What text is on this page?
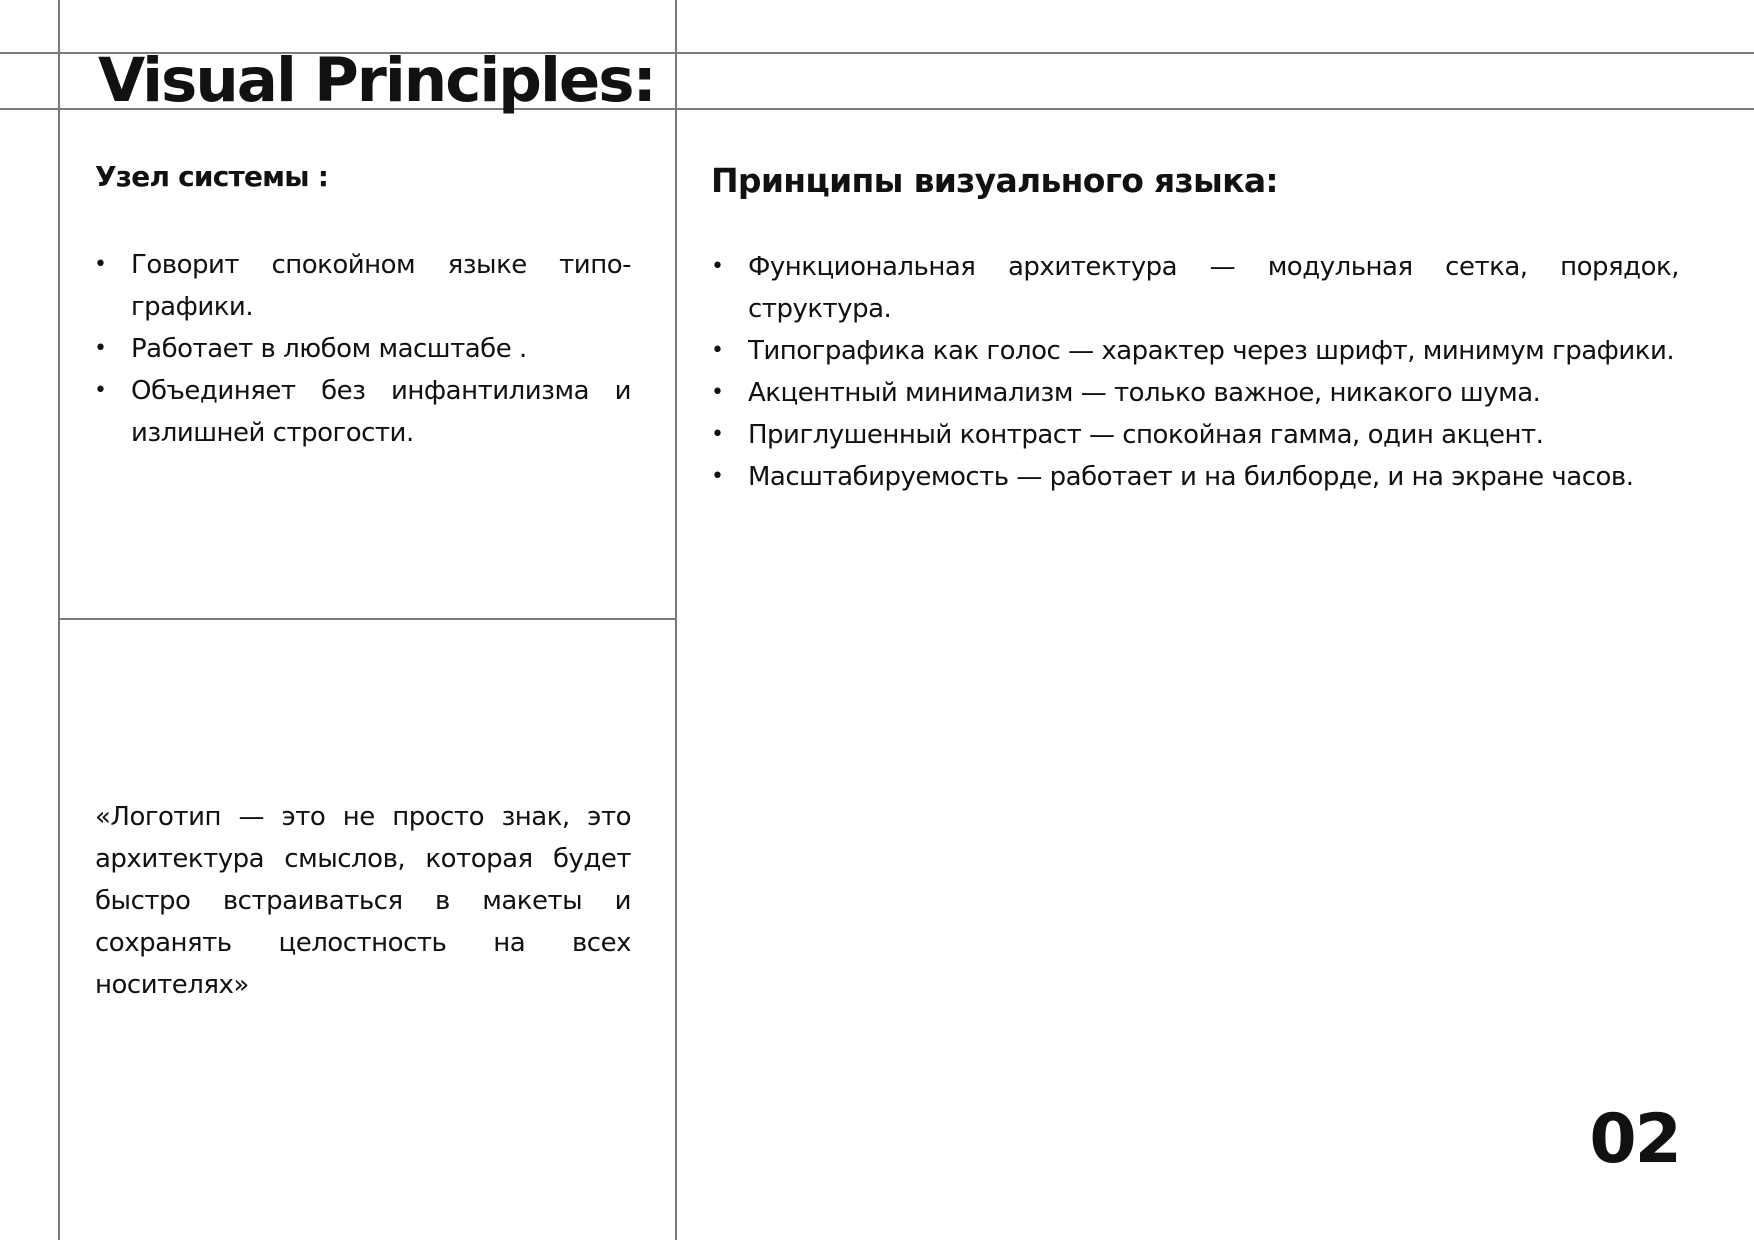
Visual Principles:
Узел системы :
• Говорит спокойном языке типо-графики.
• Работает в любом масштабе .
• Объединяет без инфантилизма и излишней строгости.

«Логотип — это не просто знак, это архитектура смыслов, которая будет быстро встраиваться в макеты и сохранять целостность на всех носителях»

Принципы визуального языка:
• Функциональная архитектура — модульная сетка, порядок, структура.
• Типографика как голос — характер через шрифт, минимум графики.
• Акцентный минимализм — только важное, никакого шума.
• Приглушенный контраст — спокойная гамма, один акцент.
• Масштабируемость — работает и на билборде, и на экране часов.
02
